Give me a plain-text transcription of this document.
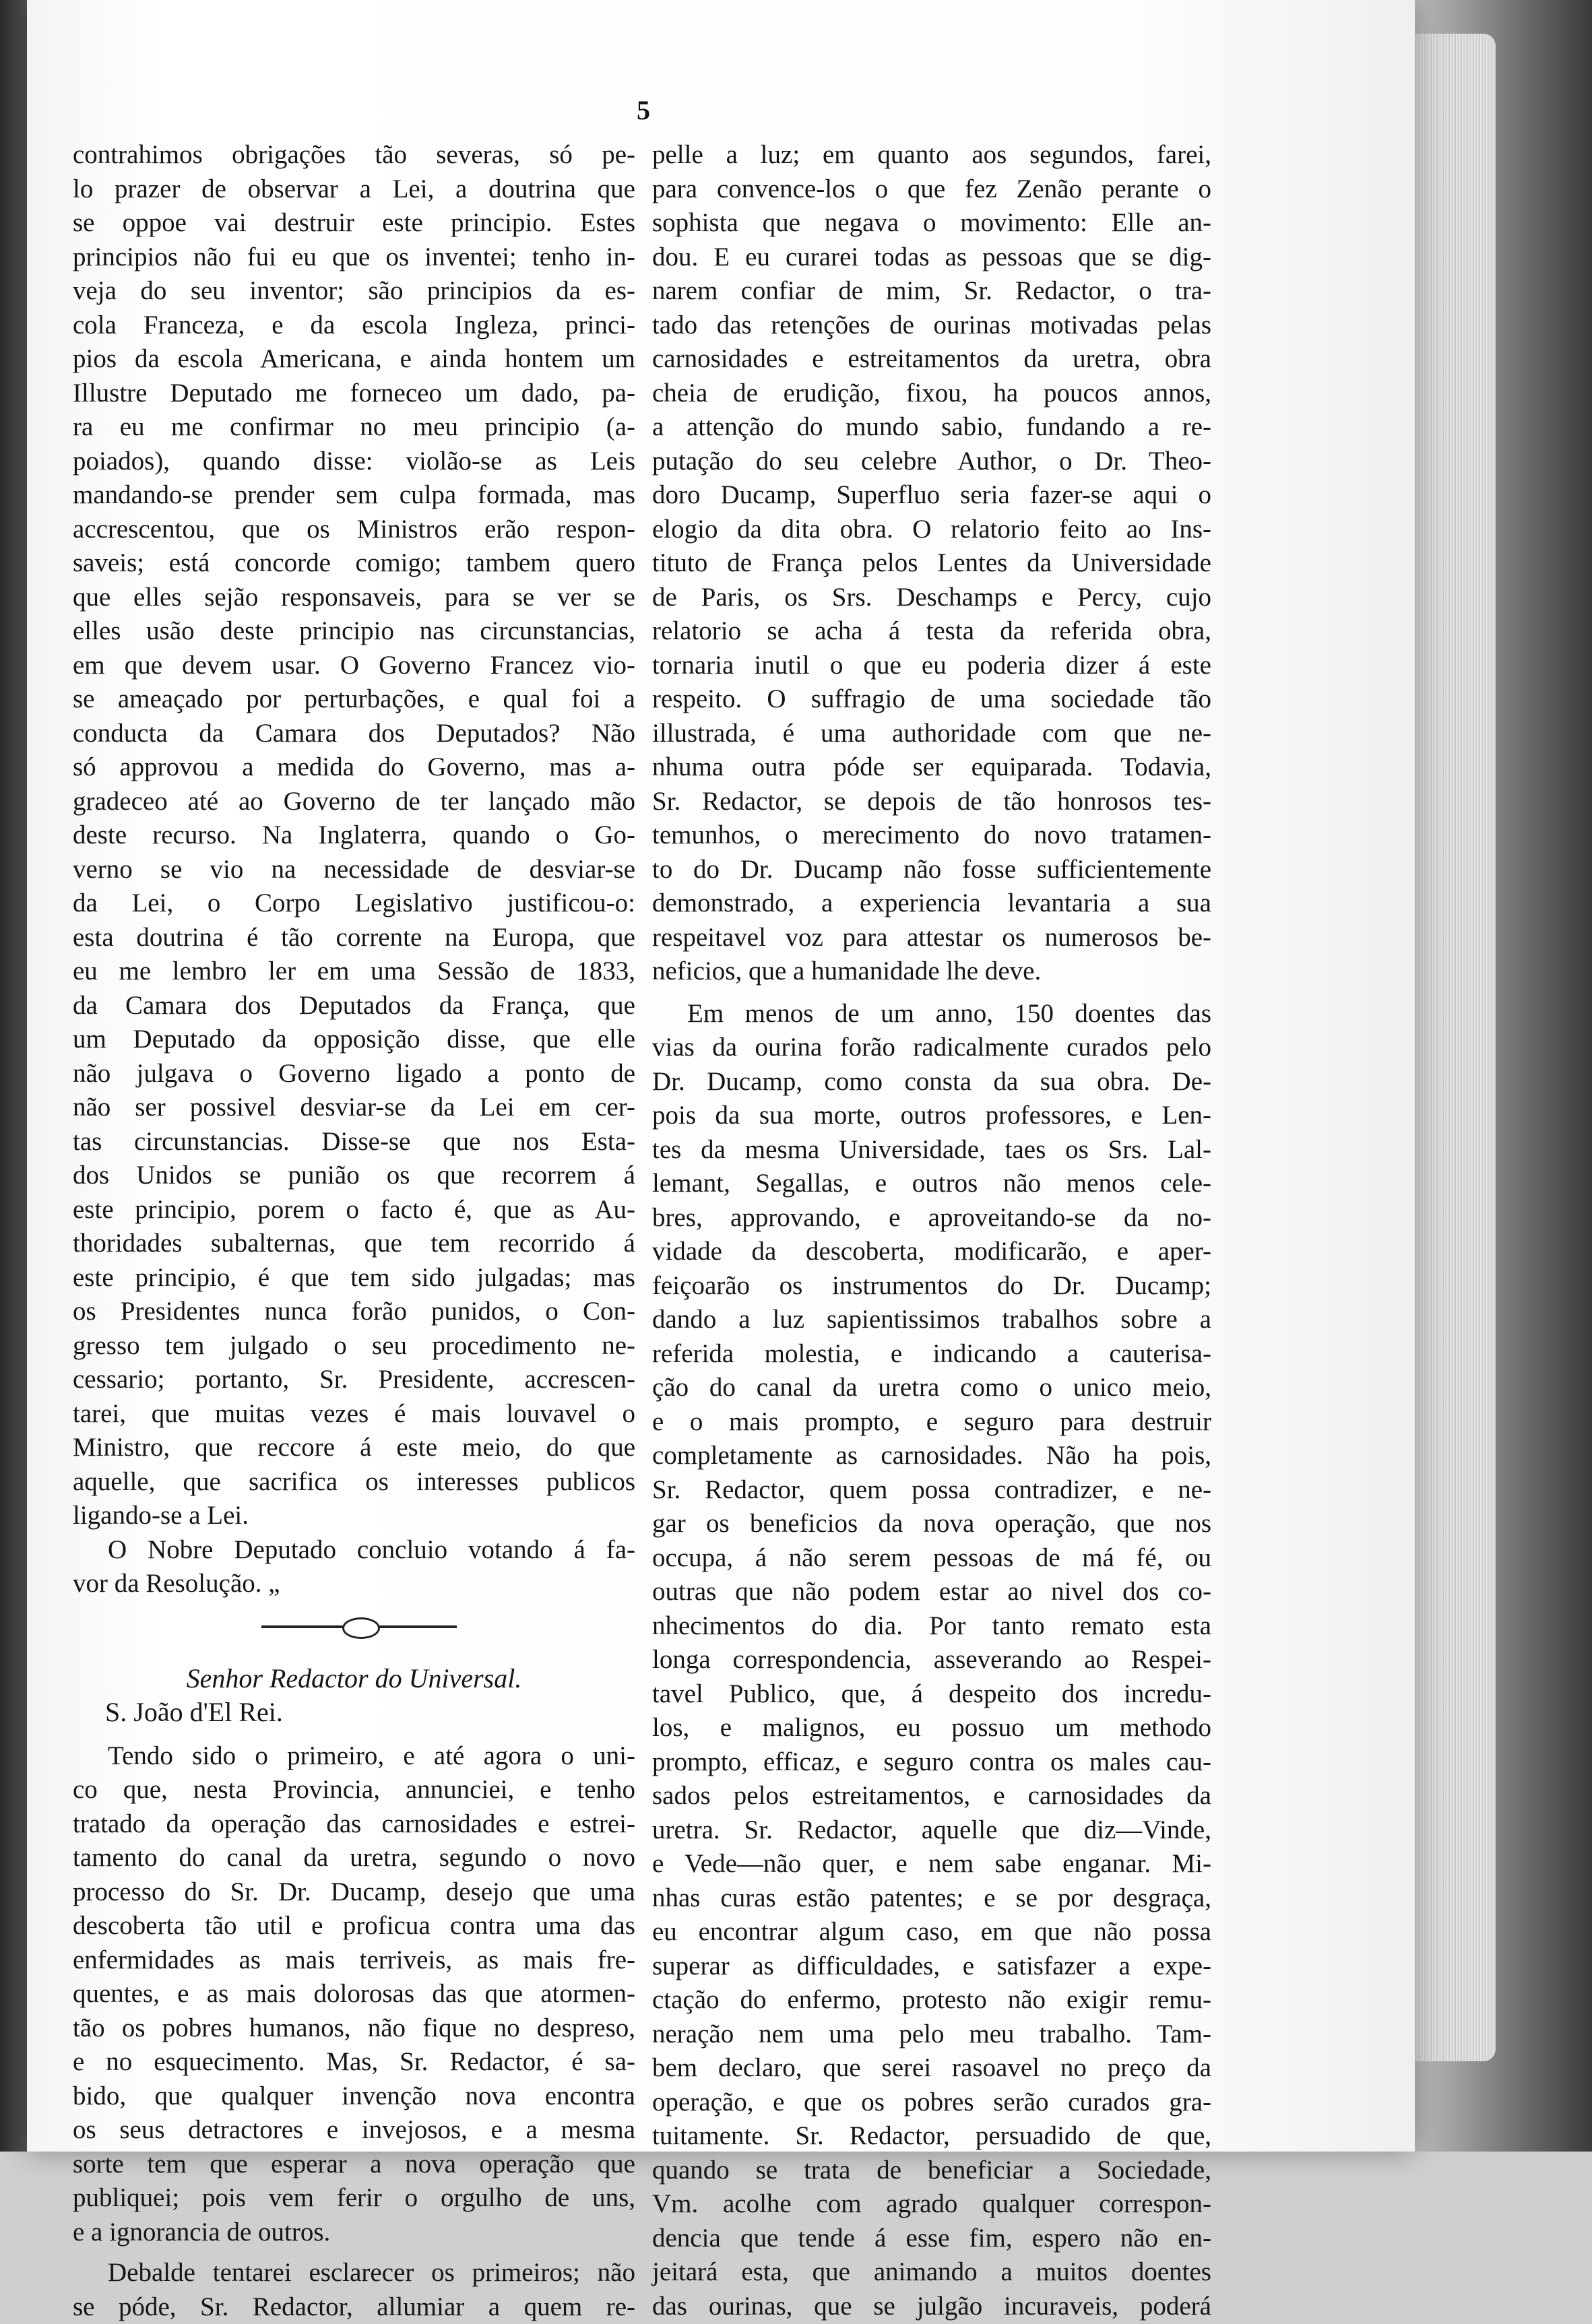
5
contrahimos obrigações tão severas, só pe-
lo prazer de observar a Lei, a doutrina que
se oppoe vai destruir este principio. Estes
principios não fui eu que os inventei; tenho in-
veja do seu inventor; são principios da es-
cola Franceza, e da escola Ingleza, princi-
pios da escola Americana, e ainda hontem um
Illustre Deputado me forneceo um dado, pa-
ra eu me confirmar no meu principio (a-
poiados), quando disse: violão-se as Leis
mandando-se prender sem culpa formada, mas
accrescentou, que os Ministros erão respon-
saveis; está concorde comigo; tambem quero
que elles sejão responsaveis, para se ver se
elles usão deste principio nas circunstancias,
em que devem usar. O Governo Francez vio-
se ameaçado por perturbações, e qual foi a
conducta da Camara dos Deputados? Não
só approvou a medida do Governo, mas a-
gradeceo até ao Governo de ter lançado mão
deste recurso. Na Inglaterra, quando o Go-
verno se vio na necessidade de desviar-se
da Lei, o Corpo Legislativo justificou-o:
esta doutrina é tão corrente na Europa, que
eu me lembro ler em uma Sessão de 1833,
da Camara dos Deputados da França, que
um Deputado da opposição disse, que elle
não julgava o Governo ligado a ponto de
não ser possivel desviar-se da Lei em cer-
tas circunstancias. Disse-se que nos Esta-
dos Unidos se punião os que recorrem á
este principio, porem o facto é, que as Au-
thoridades subalternas, que tem recorrido á
este principio, é que tem sido julgadas; mas
os Presidentes nunca forão punidos, o Con-
gresso tem julgado o seu procedimento ne-
cessario; portanto, Sr. Presidente, accrescen-
tarei, que muitas vezes é mais louvavel o
Ministro, que reccore á este meio, do que
aquelle, que sacrifica os interesses publicos
ligando-se a Lei.
O Nobre Deputado concluio votando á fa-
vor da Resolução. „
Senhor Redactor do Universal.
S. João d'El Rei.
Tendo sido o primeiro, e até agora o uni-
co que, nesta Provincia, annunciei, e tenho
tratado da operação das carnosidades e estrei-
tamento do canal da uretra, segundo o novo
processo do Sr. Dr. Ducamp, desejo que uma
descoberta tão util e proficua contra uma das
enfermidades as mais terriveis, as mais fre-
quentes, e as mais dolorosas das que atormen-
tão os pobres humanos, não fique no despreso,
e no esquecimento. Mas, Sr. Redactor, é sa-
bido, que qualquer invenção nova encontra
os seus detractores e invejosos, e a mesma
sorte tem que esperar a nova operação que
publiquei; pois vem ferir o orgulho de uns,
e a ignorancia de outros.
Debalde tentarei esclarecer os primeiros; não
se póde, Sr. Redactor, allumiar a quem re-
pelle a luz; em quanto aos segundos, farei,
para convence-los o que fez Zenão perante o
sophista que negava o movimento: Elle an-
dou. E eu curarei todas as pessoas que se dig-
narem confiar de mim, Sr. Redactor, o tra-
tado das retenções de ourinas motivadas pelas
carnosidades e estreitamentos da uretra, obra
cheia de erudição, fixou, ha poucos annos,
a attenção do mundo sabio, fundando a re-
putação do seu celebre Author, o Dr. Theo-
doro Ducamp, Superfluo seria fazer-se aqui o
elogio da dita obra. O relatorio feito ao Ins-
tituto de França pelos Lentes da Universidade
de Paris, os Srs. Deschamps e Percy, cujo
relatorio se acha á testa da referida obra,
tornaria inutil o que eu poderia dizer á este
respeito. O suffragio de uma sociedade tão
illustrada, é uma authoridade com que ne-
nhuma outra póde ser equiparada. Todavia,
Sr. Redactor, se depois de tão honrosos tes-
temunhos, o merecimento do novo tratamen-
to do Dr. Ducamp não fosse sufficientemente
demonstrado, a experiencia levantaria a sua
respeitavel voz para attestar os numerosos be-
neficios, que a humanidade lhe deve.
Em menos de um anno, 150 doentes das
vias da ourina forão radicalmente curados pelo
Dr. Ducamp, como consta da sua obra. De-
pois da sua morte, outros professores, e Len-
tes da mesma Universidade, taes os Srs. Lal-
lemant, Segallas, e outros não menos cele-
bres, approvando, e aproveitando-se da no-
vidade da descoberta, modificarão, e aper-
feiçoarão os instrumentos do Dr. Ducamp;
dando a luz sapientissimos trabalhos sobre a
referida molestia, e indicando a cauterisa-
ção do canal da uretra como o unico meio,
e o mais prompto, e seguro para destruir
completamente as carnosidades. Não ha pois,
Sr. Redactor, quem possa contradizer, e ne-
gar os beneficios da nova operação, que nos
occupa, á não serem pessoas de má fé, ou
outras que não podem estar ao nivel dos co-
nhecimentos do dia. Por tanto remato esta
longa correspondencia, asseverando ao Respei-
tavel Publico, que, á despeito dos incredu-
los, e malignos, eu possuo um methodo
prompto, efficaz, e seguro contra os males cau-
sados pelos estreitamentos, e carnosidades da
uretra. Sr. Redactor, aquelle que diz—Vinde,
e Vede—não quer, e nem sabe enganar. Mi-
nhas curas estão patentes; e se por desgraça,
eu encontrar algum caso, em que não possa
superar as difficuldades, e satisfazer a expe-
ctação do enfermo, protesto não exigir remu-
neração nem uma pelo meu trabalho. Tam-
bem declaro, que serei rasoavel no preço da
operação, e que os pobres serão curados gra-
tuitamente. Sr. Redactor, persuadido de que,
quando se trata de beneficiar a Sociedade,
Vm. acolhe com agrado qualquer correspon-
dencia que tende á esse fim, espero não en-
jeitará esta, que animando a muitos doentes
das ourinas, que se julgão incuraveis, poderá
